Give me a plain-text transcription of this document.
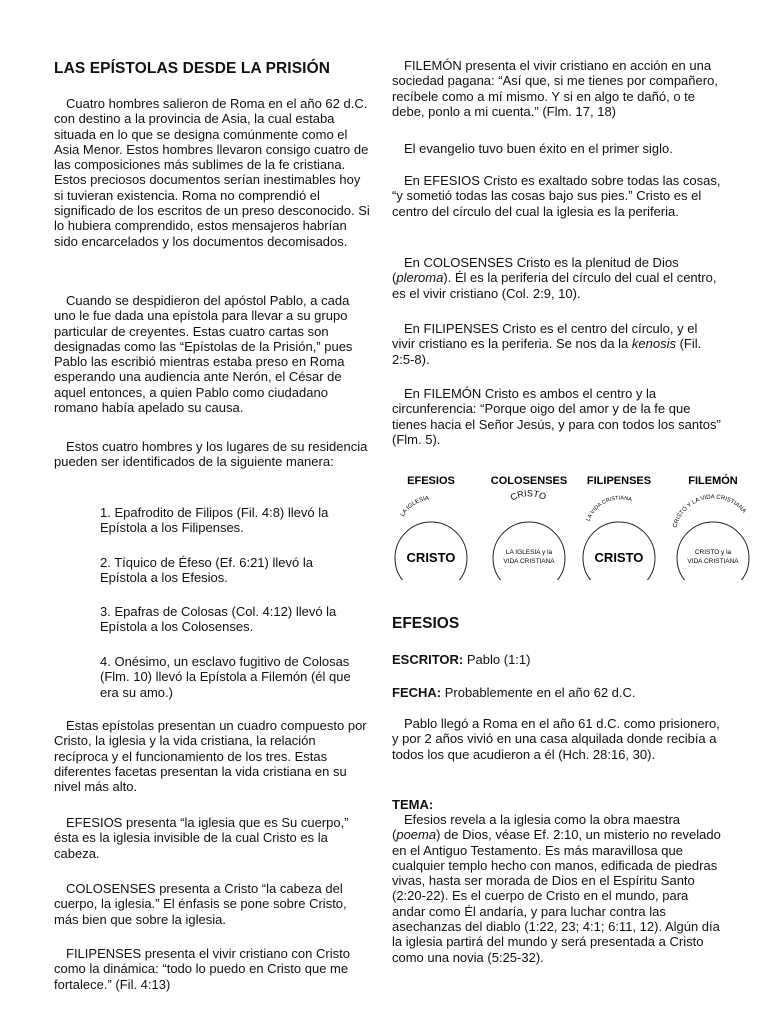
LAS EPÍSTOLAS DESDE LA PRISIÓN

Cuatro hombres salieron de Roma en el año 62 d.C. con destino a la provincia de Asia, la cual estaba situada en lo que se designa comúnmente como el Asia Menor. Estos hombres llevaron consigo cuatro de las composiciones más sublimes de la fe cristiana. Estos preciosos documentos serían inestimables hoy si tuvieran existencia. Roma no comprendió el significado de los escritos de un preso desconocido. Si lo hubiera comprendido, estos mensajeros habrían sido encarcelados y los documentos decomisados.

Cuando se despidieron del apóstol Pablo, a cada uno le fue dada una epístola para llevar a su grupo particular de creyentes. Estas cuatro cartas son designadas como las “Epístolas de la Prisión,” pues Pablo las escribió mientras estaba preso en Roma esperando una audiencia ante Nerón, el César de aquel entonces, a quien Pablo como ciudadano romano había apelado su causa.

Estos cuatro hombres y los lugares de su residencia pueden ser identificados de la siguiente manera:

1. Epafrodito de Filipos (Fil. 4:8) llevó la Epístola a los Filipenses.

2. Tíquico de Éfeso (Ef. 6:21) llevó la Epístola a los Efesios.

3. Epafras de Colosas (Col. 4:12) llevó la Epístola a los Colosenses.

4. Onésimo, un esclavo fugitivo de Colosas (Flm. 10) llevó la Epístola a Filemón (él que era su amo.)

Estas epístolas presentan un cuadro compuesto por Cristo, la iglesia y la vida cristiana, la relación recíproca y el funcionamiento de los tres. Estas diferentes facetas presentan la vida cristiana en su nivel más alto.

EFESIOS presenta “la iglesia que es Su cuerpo,” ésta es la iglesia invisible de la cual Cristo es la cabeza.

COLOSENSES presenta a Cristo “la cabeza del cuerpo, la iglesia.” El énfasis se pone sobre Cristo, más bien que sobre la iglesia.

FILIPENSES presenta el vivir cristiano con Cristo como la dinámica: “todo lo puedo en Cristo que me fortalece.” (Fil. 4:13)

FILEMÓN presenta el vivir cristiano en acción en una sociedad pagana: “Así que, si me tienes por compañero, recíbele como a mí mismo. Y si en algo te dañó, o te debe, ponlo a mi cuenta.” (Flm. 17, 18)

El evangelio tuvo buen éxito en el primer siglo.

En EFESIOS Cristo es exaltado sobre todas las cosas, “y sometió todas las cosas bajo sus pies.” Cristo es el centro del círculo del cual la iglesia es la periferia.

En COLOSENSES Cristo es la plenitud de Dios (pleroma). Él es la periferia del círculo del cual el centro, es el vivir cristiano (Col. 2:9, 10).

En FILIPENSES Cristo es el centro del círculo, y el vivir cristiano es la periferia. Se nos da la kenosis (Fil. 2:5-8).

En FILEMÓN Cristo es ambos el centro y la circunferencia: “Porque oigo del amor y de la fe que tienes hacia el Señor Jesús, y para con todos los santos” (Flm. 5).

EFESIOS

ESCRITOR: Pablo (1:1)

FECHA: Probablemente en el año 62 d.C.

Pablo llegó a Roma en el año 61 d.C. como prisionero, y por 2 años vivió en una casa alquilada donde recibía a todos los que acudieron a él (Hch. 28:16, 30).

TEMA:

Efesios revela a la iglesia como la obra maestra (poema) de Dios, véase Ef. 2:10, un misterio no revelado en el Antiguo Testamento. Es más maravillosa que cualquier templo hecho con manos, edificada de piedras vivas, hasta ser morada de Dios en el Espíritu Santo (2:20-22). Es el cuerpo de Cristo en el mundo, para andar como Él andaría, y para luchar contra las asechanzas del diablo (1:22, 23; 4:1; 6:11, 12). Algún día la iglesia partirá del mundo y será presentada a Cristo como una novia (5:25-32).

EFESIOS
LA IGLESIA
CRISTO
COLOSENSES
CRISTO
LA IGLESIA y la
VIDA CRISTIANA
FILIPENSES
LA VIDA CRISTIANA
CRISTO
FILEMÓN
CRISTO Y LA VIDA CRISTIANA
CRISTO y la
VIDA CRISTIANA
